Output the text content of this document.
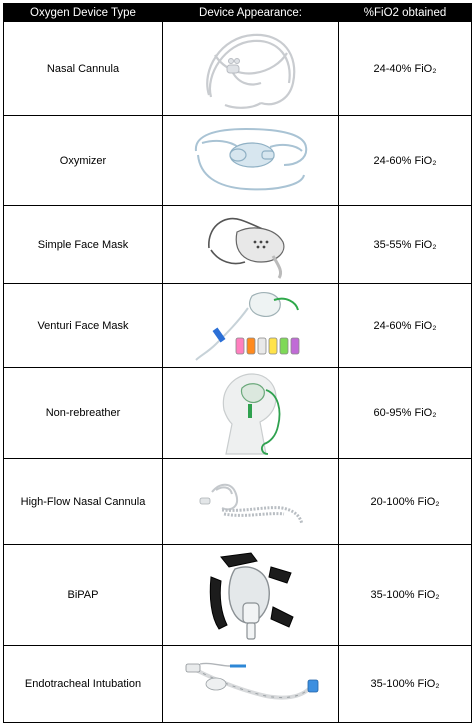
Oxygen Device Type	Device Appearance:	%FiO2 obtained
Nasal Cannula		24-40% FiO₂
Oxymizer		24-60% FiO₂
Simple Face Mask		35-55% FiO₂
Venturi Face Mask		24-60% FiO₂
Non-rebreather		60-95% FiO₂
High-Flow Nasal Cannula		20-100% FiO₂
BiPAP		35-100% FiO₂
Endotracheal Intubation		35-100% FiO₂
